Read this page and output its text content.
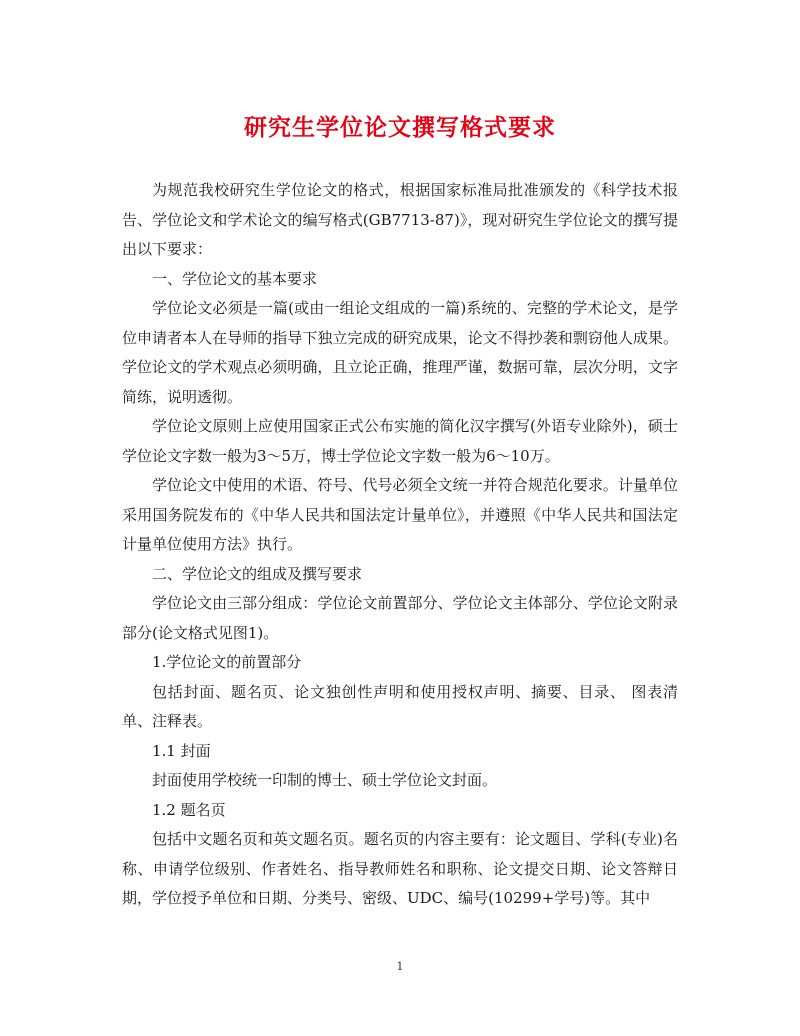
研究生学位论文撰写格式要求

为规范我校研究生学位论文的格式，根据国家标准局批准颁发的《科学技术报告、学位论文和学术论文的编写格式(GB7713-87)》，现对研究生学位论文的撰写提出以下要求：

一、学位论文的基本要求

学位论文必须是一篇(或由一组论文组成的一篇)系统的、完整的学术论文，是学位申请者本人在导师的指导下独立完成的研究成果，论文不得抄袭和剽窃他人成果。学位论文的学术观点必须明确，且立论正确，推理严谨，数据可靠，层次分明，文字简练，说明透彻。

学位论文原则上应使用国家正式公布实施的简化汉字撰写(外语专业除外)，硕士学位论文字数一般为3～5万，博士学位论文字数一般为6～10万。

学位论文中使用的术语、符号、代号必须全文统一并符合规范化要求。计量单位采用国务院发布的《中华人民共和国法定计量单位》，并遵照《中华人民共和国法定计量单位使用方法》执行。

二、学位论文的组成及撰写要求

学位论文由三部分组成：学位论文前置部分、学位论文主体部分、学位论文附录部分(论文格式见图1)。

1.学位论文的前置部分

包括封面、题名页、论文独创性声明和使用授权声明、摘要、目录、 图表清单、注释表。

1.1 封面

封面使用学校统一印制的博士、硕士学位论文封面。

1.2 题名页

包括中文题名页和英文题名页。题名页的内容主要有：论文题目、学科(专业)名称、申请学位级别、作者姓名、指导教师姓名和职称、论文提交日期、论文答辩日期，学位授予单位和日期、分类号、密级、UDC、编号(10299+学号)等。其中

1
